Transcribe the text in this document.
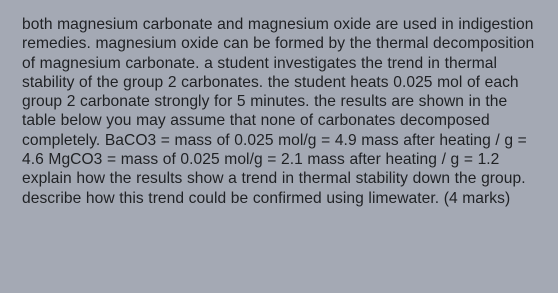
both magnesium carbonate and magnesium oxide are used in indigestion remedies. magnesium oxide can be formed by the thermal decomposition of magnesium carbonate. a student investigates the trend in thermal stability of the group 2 carbonates. the student heats 0.025 mol of each group 2 carbonate strongly for 5 minutes. the results are shown in the table below you may assume that none of carbonates decomposed completely. BaCO3 = mass of 0.025 mol/g = 4.9 mass after heating / g = 4.6 MgCO3 = mass of 0.025 mol/g = 2.1 mass after heating / g = 1.2 explain how the results show a trend in thermal stability down the group. describe how this trend could be confirmed using limewater. (4 marks)
